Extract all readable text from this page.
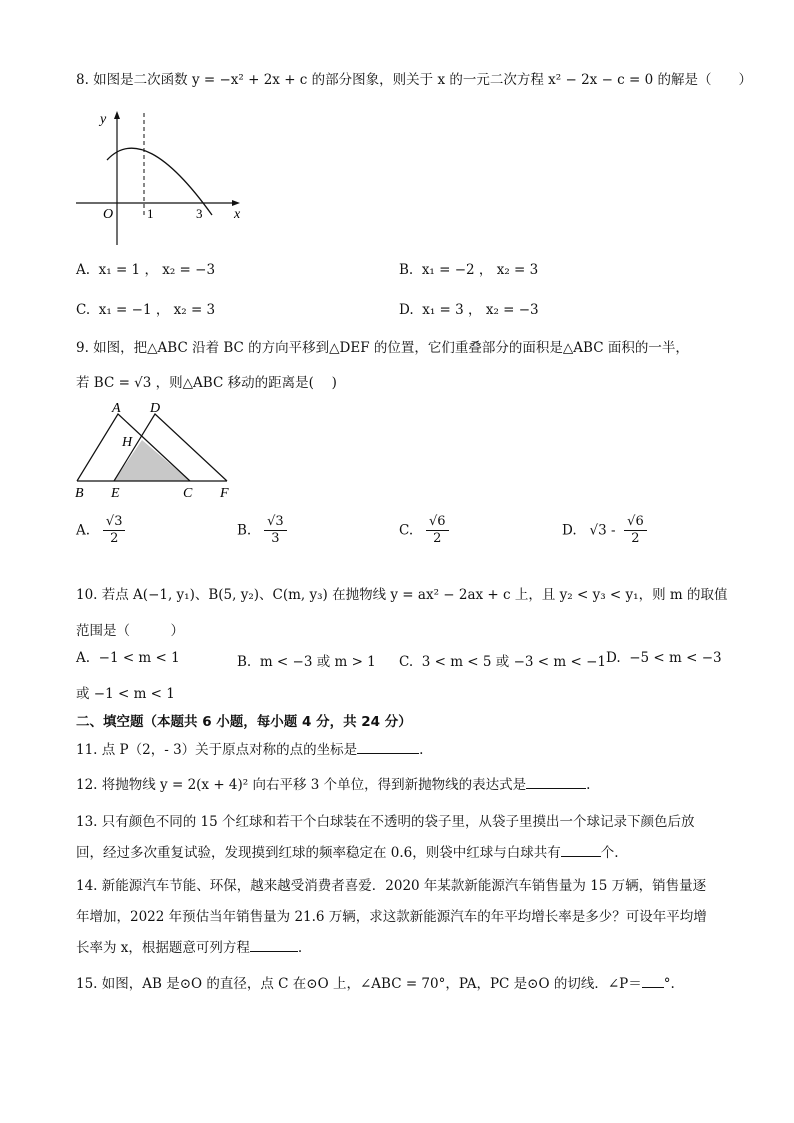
8. 如图是二次函数 y = −x² + 2x + c 的部分图象，则关于 x 的一元二次方程 x² − 2x − c = 0 的解是（　　）
y
x
O	1	3
A. x₁ = 1 ， x₂ = −3	B. x₁ = −2 ， x₂ = 3
C. x₁ = −1 ， x₂ = 3	D. x₁ = 3 ， x₂ = −3
9. 如图，把△ABC 沿着 BC 的方向平移到△DEF 的位置，它们重叠部分的面积是△ABC 面积的一半，
若 BC = √3 ，则△ABC 移动的距离是(　 )
A D
H
B E	C F
A. $\frac{√3}{2}$	B. $\frac{√3}{3}$	C. $\frac{√6}{2}$	D. $√3 - \frac{√6}{2}$
10. 若点 A(−1, y₁)、B(5, y₂)、C(m, y₃) 在抛物线 y = ax² − 2ax + c 上，且 y₂ < y₃ < y₁，则 m 的取值
范围是（　　　）
A. −1 < m < 1	B. m < −3 或 m > 1 C. 3 < m < 5 或 −3 < m < −1 D. −5 < m < −3
或 −1 < m < 1
二、填空题（本题共 6 小题，每小题 4 分，共 24 分）
11. 点 P（2，- 3）关于原点对称的点的坐标是	.
12. 将抛物线 y = 2(x + 4)² 向右平移 3 个单位，得到新抛物线的表达式是	.
13. 只有颜色不同的 15 个红球和若干个白球装在不透明的袋子里，从袋子里摸出一个球记录下颜色后放
回，经过多次重复试验，发现摸到红球的频率稳定在 0.6，则袋中红球与白球共有	个.
14. 新能源汽车节能、环保，越来越受消费者喜爱．2020 年某款新能源汽车销售量为 15 万辆，销售量逐
年增加，2022 年预估当年销售量为 21.6 万辆，求这款新能源汽车的年平均增长率是多少？可设年平均增
长率为 x，根据题意可列方程	.
15. 如图，AB 是⊙O 的直径，点 C 在⊙O 上，∠ABC = 70°，PA，PC 是⊙O 的切线．∠P＝ °.
